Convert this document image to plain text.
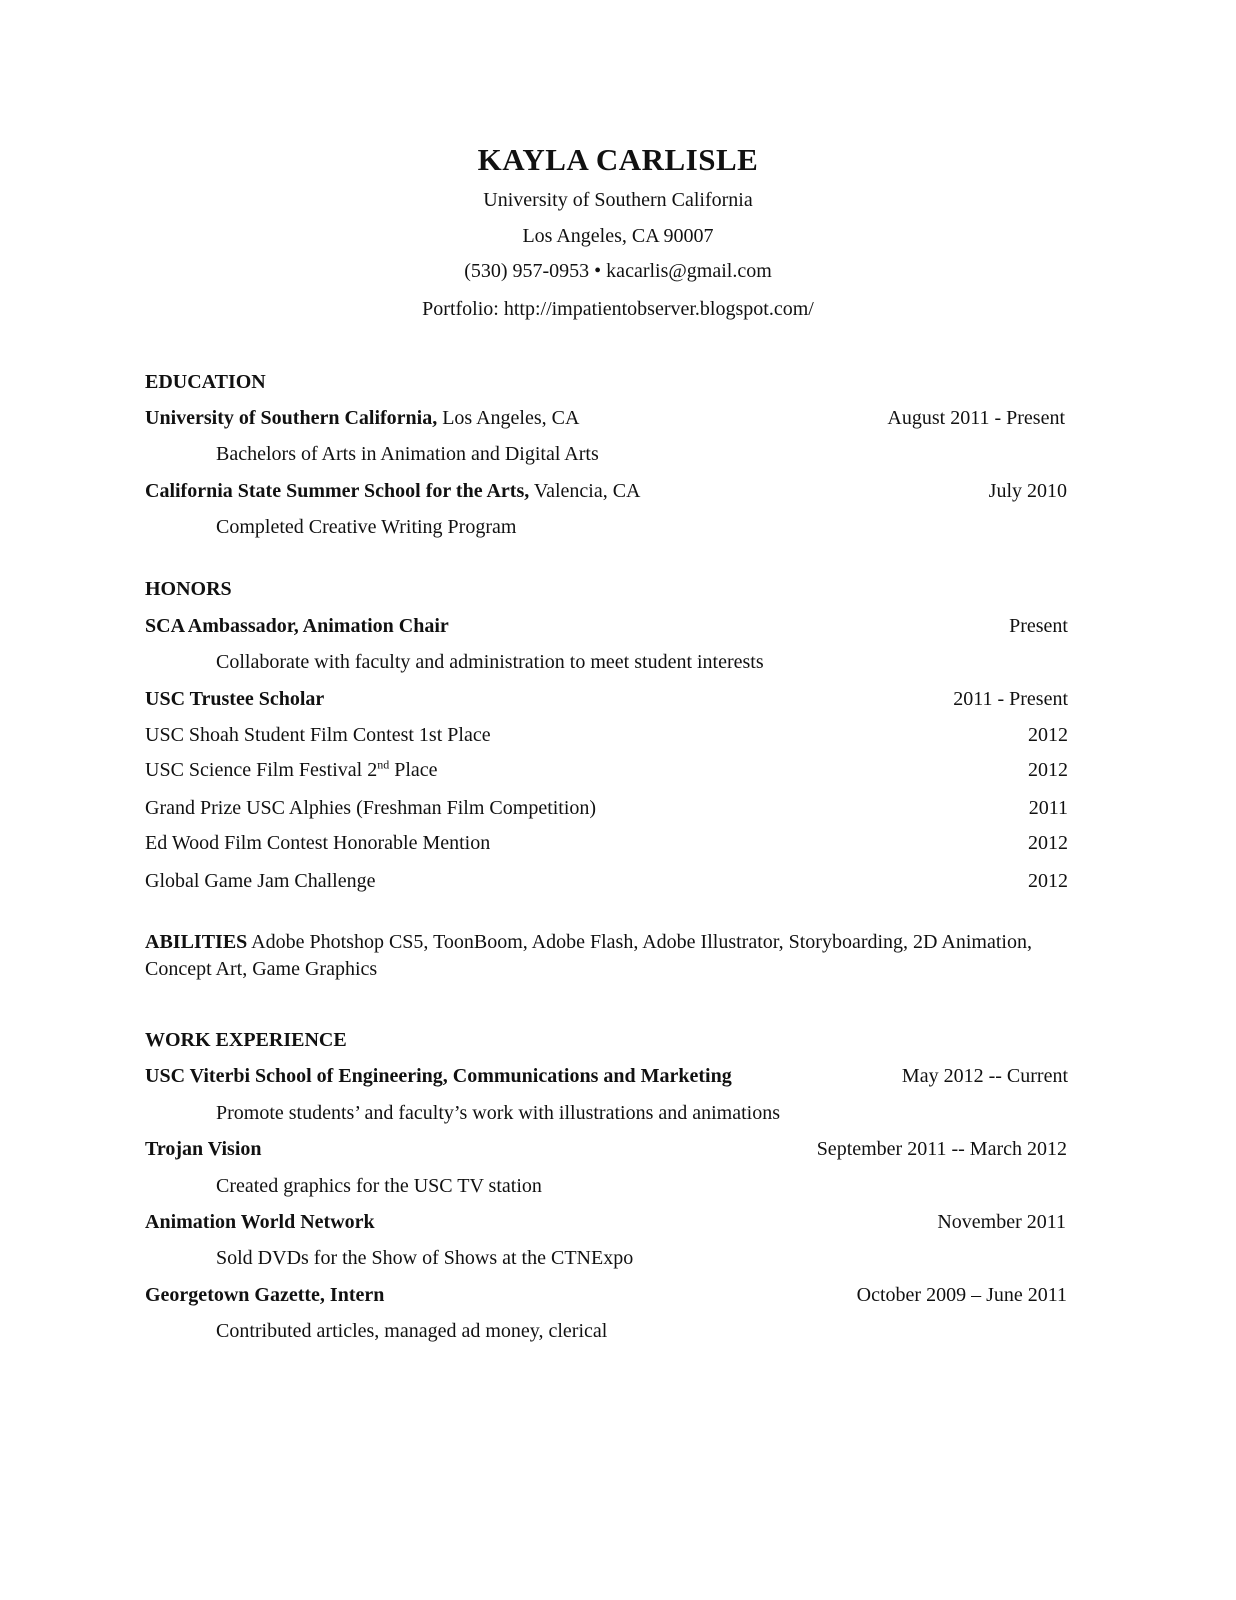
KAYLA CARLISLE
University of Southern California
Los Angeles, CA 90007
(530) 957-0953 • kacarlis@gmail.com
Portfolio: http://impatientobserver.blogspot.com/
EDUCATION
University of Southern California, Los Angeles, CA	August 2011 - Present
Bachelors of Arts in Animation and Digital Arts
California State Summer School for the Arts, Valencia, CA	July 2010
Completed Creative Writing Program
HONORS
SCA Ambassador, Animation Chair	Present
Collaborate with faculty and administration to meet student interests
USC Trustee Scholar	2011 - Present
USC Shoah Student Film Contest 1st Place	2012
USC Science Film Festival 2nd Place	2012
Grand Prize USC Alphies (Freshman Film Competition)	2011
Ed Wood Film Contest Honorable Mention	2012
Global Game Jam Challenge	2012
ABILITIES Adobe Photshop CS5, ToonBoom, Adobe Flash, Adobe Illustrator, Storyboarding, 2D Animation, Concept Art, Game Graphics
WORK EXPERIENCE
USC Viterbi School of Engineering, Communications and Marketing	May 2012 -- Current
Promote students’ and faculty’s work with illustrations and animations
Trojan Vision	September 2011 -- March 2012
Created graphics for the USC TV station
Animation World Network	November 2011
Sold DVDs for the Show of Shows at the CTNExpo
Georgetown Gazette, Intern	October 2009 – June 2011
Contributed articles, managed ad money, clerical
